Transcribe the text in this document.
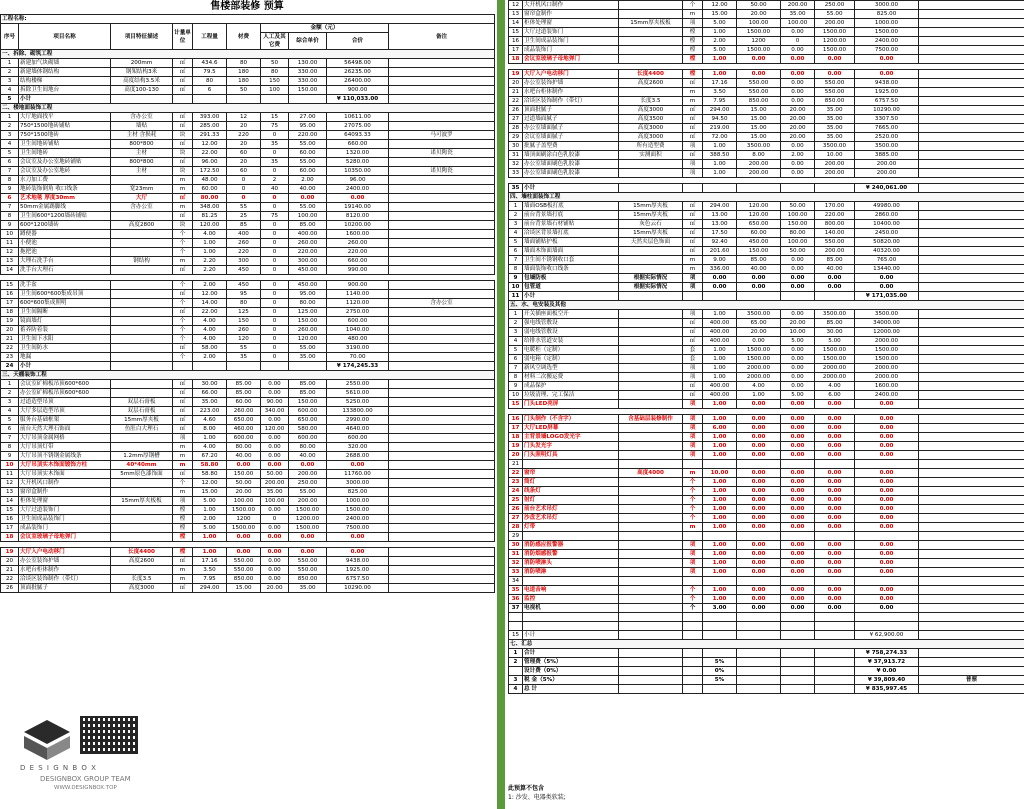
售楼部装修 预算
工程名称:									
序号	项目名称	项目特征描述	计量单位	工程量	材费	金额（元）			备注
						人工及其它费	综合单价	合价	
一、拆除、砌筑工程									
1	新建加气块砌墙	200mm	㎡	434.6	80	50	130.00	56498.00	
2	新建墙体钢结构	钢架结构3米	㎡	79.5	180	80	330.00	26235.00	
3	结构楼梯	高度结构3.5米	㎡	80	180	150	330.00	26400.00	
4	拆除卫生间地台	高度100-130	㎡	6	50	100	150.00	900.00	
5	小计							¥ 110,033.00	
二、楼地面装饰工程									
1	大厅地面找平	含办公室	㎡	393.00	12	15	27.00	10611.00	
2	750*1500地砖铺贴	墙贴	㎡	285.00	20	75	95.00	27075.00	
3	750*1500地砖	主材 含损耗	块	291.33	220	0	220.00	64093.33	马可波罗
4	卫生间地砖铺贴	800*800	㎡	12.00	20	35	55.00	660.00	
5	卫生间地砖	主材	块	22.00	60	0	60.00	1320.00	诺贝陶瓷
6	会议室及办公室地砖铺贴	800*800	㎡	96.00	20	35	55.00	5280.00	
7	会议室及办公室地砖	主材	块	172.50	60	0	60.00	10350.00	诺贝陶瓷
8	水刀加工费		m	48.00	0	2	2.00	96.00	
9	地砖装饰倒角 收口线条	宽23mm	m	60.00	0	40	40.00	2400.00	
6	艺术地毯 厚度30mm	大厅	㎡	80.00	0	0	0.00	0.00	
7	50mm金属踢脚线	含办公室	m	348.00	55	0	55.00	19140.00	
8	卫生间600*1200墙砖铺贴		㎡	81.25	25	75	100.00	8120.00	
9	600*1200墙砖	高度2800	块	120.00	85	0	85.00	10200.00	
10	蹲便器		个	4.00	400	0	400.00	1600.00	
11	小便池		个	1.00	260	0	260.00	260.00	
12	拖把池		个	1.00	220	0	220.00	220.00	
13	大理石洗手台	钢结构	m	2.20	300	0	300.00	660.00	
14	洗手台大理石		㎡	2.20	450	0	450.00	990.00	

15	洗手盆		个	2.00	450	0	450.00	900.00	
16	卫生间600*600集成吊顶		㎡	12.00	95	0	95.00	1140.00	
17	600*600集成照明		个	14.00	80	0	80.00	1120.00	含办公室
18	卫生间隔断		㎡	22.00	125	0	125.00	2750.00	
19	镜面墙灯		个	4.00	150	0	150.00	600.00	
20	蓄养防着装		个	4.00	260	0	260.00	1040.00	
21	卫生间下水阳		个	4.00	120	0	120.00	480.00	
22	卫生间防水		㎡	58.00	55	0	55.00	3190.00	
23	地漏		个	2.00	35	0	35.00	70.00	
24	小计							¥ 174,245.33	
三、天棚装饰工程									
1	会议室矿棉板吊顶600*600		㎡	30.00	85.00	0.00	85.00	2550.00	
2	办公室矿棉板吊顶600*600		㎡	66.00	85.00	0.00	85.00	5610.00	
3	过道造型吊顶	双层石膏板	㎡	35.00	60.00	90.00	150.00	5250.00	
4	大厅多层造型吊顶	双层石膏板	㎡	223.00	260.00	340.00	600.00	133800.00	
5	服务台基础框架	15mm厚夹板	㎡	4.60	650.00	0.00	650.00	2990.00	
6	前台天然大理石饰面	鱼肚白大理石	㎡	8.00	460.00	120.00	580.00	4640.00	
7	大厅吊顶金属网格		项	1.00	600.00	0.00	600.00	600.00	
8	大厅吊顶灯带		m	4.00	80.00	0.00	80.00	320.00	
9	大厅吊顶不锈钢金属线条	1.2mm厚钢槽	m	67.20	40.00	0.00	40.00	2688.00	
10	大厅吊顶实木饰面镀饰方柱	40*40mm	m	58.80	0.00	0.00	0.00	0.00	
11	大厅吊顶实木饰面	5mm原色漆饰面	㎡	58.80	150.00	50.00	200.00	11760.00	
12	大开机风口制作		个	12.00	50.00	200.00	250.00	3000.00	
13	窗帘盒制作		m	15.00	20.00	35.00	55.00	825.00	
14	柜体处理窗	15mm厚夹板板	项	5.00	100.00	100.00	200.00	1000.00	
15	大厅过道装饰门		樘	1.00	1500.00	0.00	1500.00	1500.00	
16	卫生间成品装饰门		樘	2.00	1200	0	1200.00	2400.00	
17	成品装饰门		樘	5.00	1500.00	0.00	1500.00	7500.00	
18	会议室玻璃子母地弹门		樘	1.00	0.00	0.00	0.00	0.00	

19	大厅入户电动移门	长度4400	樘	1.00	0.00	0.00	0.00	0.00	
20	办公室装饰护墙	高度2600	㎡	17.16	550.00	0.00	550.00	9438.00	
21	水吧台柜体制作		m	3.50	550.00	0.00	550.00	1925.00	
22	洽谈区装饰制作（带灯）	长度3.5	m	7.95	850.00	0.00	850.00	6757.50	
26	顶面批腻子	高度3000	㎡	294.00	15.00	20.00	35.00	10290.00	
12	大开机风口制作		个	12.00	50.00	200.00	250.00	3000.00	
13	窗帘盒制作		m	15.00	20.00	35.00	55.00	825.00	
14	柜体处理窗	15mm厚夹板板	项	5.00	100.00	100.00	200.00	1000.00	
15	大厅过道装饰门		樘	1.00	1500.00	0.00	1500.00	1500.00	
16	卫生间成品装饰门		樘	2.00	1200	0	1200.00	2400.00	
17	成品装饰门		樘	5.00	1500.00	0.00	1500.00	7500.00	
18	会议室玻璃子母地弹门		樘	1.00	0.00	0.00	0.00	0.00	

19	大厅入户电动移门	长度4400	樘	1.00	0.00	0.00	0.00	0.00	
20	办公室装饰护墙	高度2600	㎡	17.16	550.00	0.00	550.00	9438.00	
21	水吧台柜体制作		m	3.50	550.00	0.00	550.00	1925.00	
22	洽谈区装饰制作（带灯）	长度3.5	m	7.95	850.00	0.00	850.00	6757.50	
26	顶面批腻子	高度3000	㎡	294.00	15.00	20.00	35.00	10290.00	
27	过道墙面腻子	高度3500	㎡	94.50	15.00	20.00	35.00	3307.50	
28	办公室墙面腻子	高度3000	㎡	219.00	15.00	20.00	35.00	7665.00	
29	会议室墙面腻子	高度3000	㎡	72.00	15.00	20.00	35.00	2520.00	
30	批腻子盖型费	所有造型费	项	1.00	3500.00	0.00	3500.00	3500.00	
31	墙顶面刷涂白色乳胶漆	实测面积	㎡	388.50	8.00	2.00	10.00	3885.00	
32	办公室墙面刷色乳胶漆		项	1.00	200.00	0.00	200.00	200.00	
33	办公室墙面刷色乳胶漆		项	1.00	200.00	0.00	200.00	200.00	

35	小计							¥ 240,061.00	
四、墙柱面装饰工程									
1	墙面OSB板打底	15mm厚夹板	㎡	294.00	120.00	50.00	170.00	49980.00	
2	前台背景墙打底	15mm厚夹板	㎡	13.00	120.00	100.00	220.00	2860.00	
3	前台背景墙石材铺贴	灰色云石	㎡	13.00	650.00	150.00	800.00	10400.00	
4	洽谈区背景墙打底	15mm厚夹板	㎡	17.50	60.00	80.00	140.00	2450.00	
5	墙面铺贴护板	天然夹层色饰面	㎡	92.40	450.00	100.00	550.00	50820.00	
6	墙面木饰面墙面		㎡	201.60	150.00	50.00	200.00	40320.00	
7	卫生间不锈钢收口套		m	9.00	85.00	0.00	85.00	765.00	
8	墙面装饰收口线条		m	336.00	40.00	0.00	40.00	13440.00	
9	包墙防板	根据实际情况	项	0.00	0.00	0.00	0.00	0.00	
10	包管道	根据实际情况	项	0.00	0.00	0.00	0.00	0.00	
11	小计							¥ 171,035.00	
五、水、电安装及其他									
1	开关插座面板空开		项	1.00	3500.00	0.00	3500.00	3500.00	
2	强电线管敷设		㎡	400.00	65.00	20.00	85.00	34000.00	
3	弱电线管敷设		㎡	400.00	20.00	10.00	30.00	12000.00	
4	给排水管道安装		㎡	400.00	0.00	5.00	5.00	2000.00	
5	电暖柜（定制）		套	1.00	1500.00	0.00	1500.00	1500.00	
6	弱电箱（定制）		套	1.00	1500.00	0.00	1500.00	1500.00	
7	新风空调选型		项	1.00	2000.00	0.00	2000.00	2000.00	
8	材料二次搬运费		项	1.00	2000.00	0.00	2000.00	2000.00	
9	成品保护		㎡	400.00	4.00	0.00	4.00	1600.00	
10	垃圾清理、完工保洁		㎡	400.00	1.00	5.00	6.00	2400.00	
15	门头LED亮屏		项	1.00	0.00	0.00	0.00	0.00	

16	门头制作（不含字）	含基础层装修制作	项	1.00	0.00	0.00	0.00	0.00	
17	大厅LED屏幕		项	6.00	0.00	0.00	0.00	0.00	
18	主背景墙LOGO发光字		项	1.00	0.00	0.00	0.00	0.00	
19	门头发光字		项	1.00	0.00	0.00	0.00	0.00	
20	门头照明灯具		项	1.00	0.00	0.00	0.00	0.00	
21									
22	窗帘	高度4000	m	10.00	0.00	0.00	0.00	0.00	
23	筒灯		个	1.00	0.00	0.00	0.00	0.00	
24	线条灯		个	1.00	0.00	0.00	0.00	0.00	
25	射灯		个	1.00	0.00	0.00	0.00	0.00	
26	前台艺术吊灯		个	1.00	0.00	0.00	0.00	0.00	
27	沙盘艺术吊灯		个	1.00	0.00	0.00	0.00	0.00	
28	灯带		m	1.00	0.00	0.00	0.00	0.00	
29									
30	消防感应报警器		项	1.00	0.00	0.00	0.00	0.00	
31	消防烟感报警		项	1.00	0.00	0.00	0.00	0.00	
32	消防喷淋头		项	1.00	0.00	0.00	0.00	0.00	
33	消防喷淋		项	1.00	0.00	0.00	0.00	0.00	
34									
35	电道音响		个	1.00	0.00	0.00	0.00	0.00	
36	监控		个	1.00	0.00	0.00	0.00	0.00	
37	电视机		个	3.00	0.00	0.00	0.00	0.00	

15	小计							¥ 62,900.00	
七、汇总									
1	合计							¥ 758,274.33	
2	管理费（5%）			5%				¥ 37,913.72	
	设计费（0%）			0%				¥ 0.00	
3	税 金（5%）			5%				¥ 39,809.40	普票
4	总 计							¥ 835,997.45	
此预算不包含
1: 沙发、电器类软装;
D E S I G N B O X
DESIGNBOX GROUP TEAM
WWW.DESIGNBOX.TOP
